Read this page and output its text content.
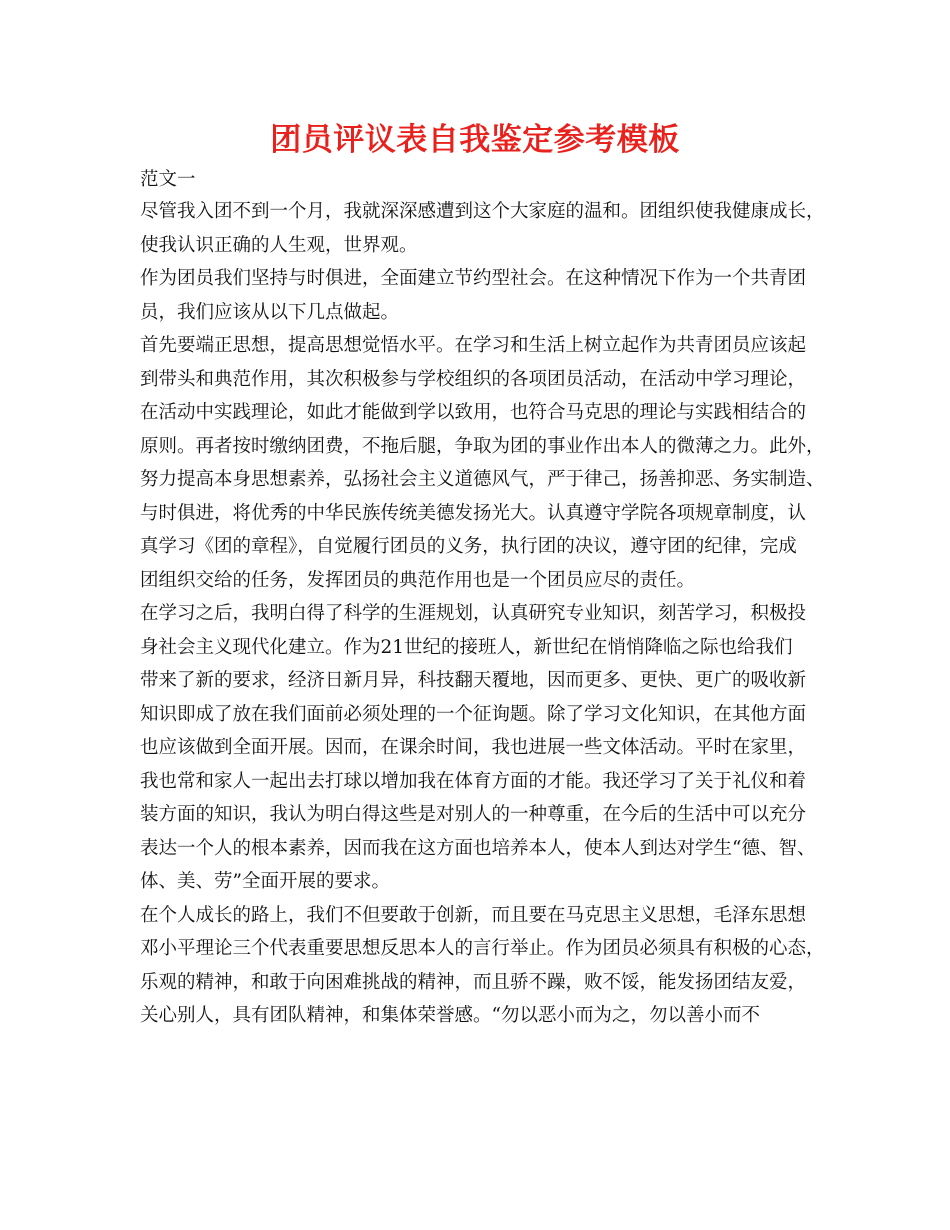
团员评议表自我鉴定参考模板
范文一
尽管我入团不到一个月，我就深深感遭到这个大家庭的温和。团组织使我健康成长，
使我认识正确的人生观，世界观。
作为团员我们坚持与时俱进，全面建立节约型社会。在这种情况下作为一个共青团
员，我们应该从以下几点做起。
首先要端正思想，提高思想觉悟水平。在学习和生活上树立起作为共青团员应该起
到带头和典范作用，其次积极参与学校组织的各项团员活动，在活动中学习理论，
在活动中实践理论，如此才能做到学以致用，也符合马克思的理论与实践相结合的
原则。再者按时缴纳团费，不拖后腿，争取为团的事业作出本人的微薄之力。此外，
努力提高本身思想素养，弘扬社会主义道德风气，严于律己，扬善抑恶、务实制造、
与时俱进，将优秀的中华民族传统美德发扬光大。认真遵守学院各项规章制度，认
真学习《团的章程》，自觉履行团员的义务，执行团的决议，遵守团的纪律，完成
团组织交给的任务，发挥团员的典范作用也是一个团员应尽的责任。
在学习之后，我明白得了科学的生涯规划，认真研究专业知识，刻苦学习，积极投
身社会主义现代化建立。作为21世纪的接班人，新世纪在悄悄降临之际也给我们
带来了新的要求，经济日新月异，科技翻天覆地，因而更多、更快、更广的吸收新
知识即成了放在我们面前必须处理的一个征询题。除了学习文化知识，在其他方面
也应该做到全面开展。因而，在课余时间，我也进展一些文体活动。平时在家里，
我也常和家人一起出去打球以增加我在体育方面的才能。我还学习了关于礼仪和着
装方面的知识，我认为明白得这些是对别人的一种尊重，在今后的生活中可以充分
表达一个人的根本素养，因而我在这方面也培养本人，使本人到达对学生“德、智、
体、美、劳”全面开展的要求。
在个人成长的路上，我们不但要敢于创新，而且要在马克思主义思想，毛泽东思想
邓小平理论三个代表重要思想反思本人的言行举止。作为团员必须具有积极的心态，
乐观的精神，和敢于向困难挑战的精神，而且骄不躁，败不馁，能发扬团结友爱，
关心别人，具有团队精神，和集体荣誉感。“勿以恶小而为之，勿以善小而不
